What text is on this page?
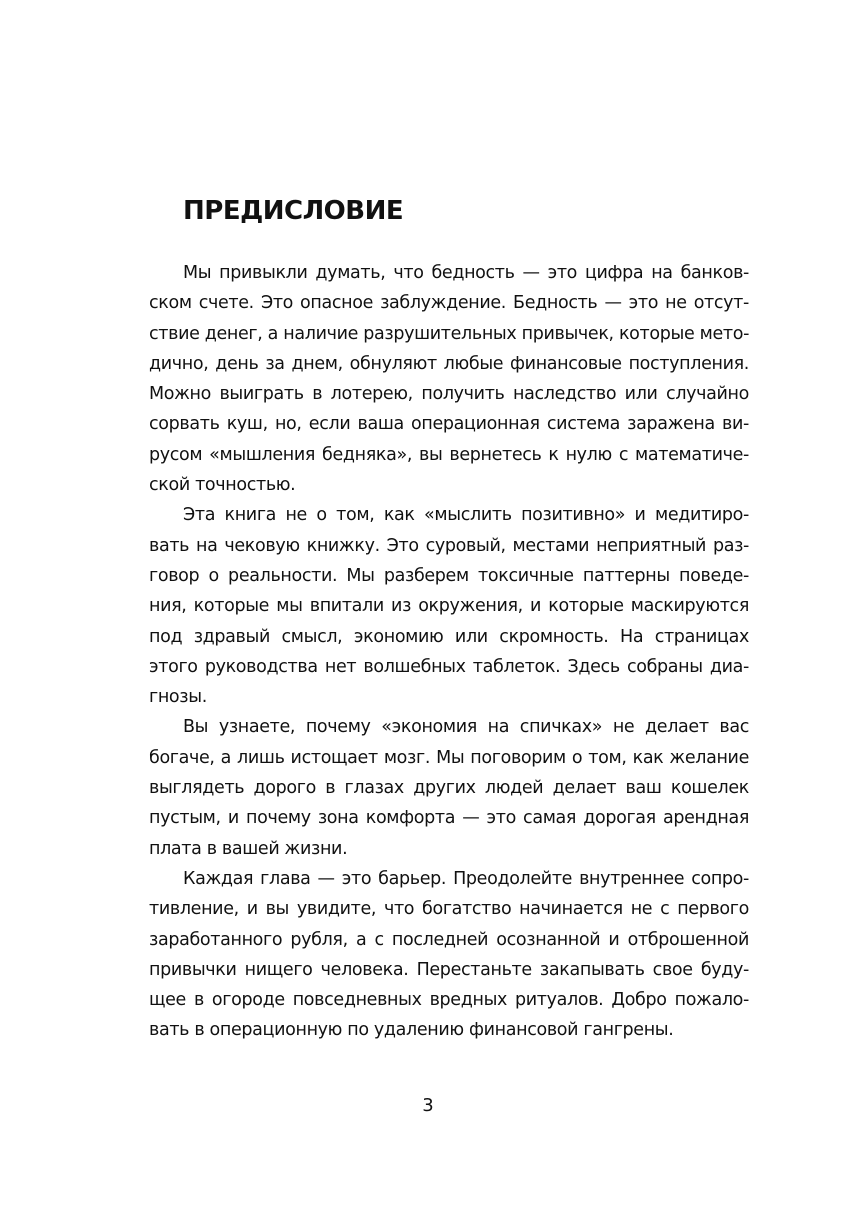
ПРЕДИСЛОВИЕ
Мы привыкли думать, что бедность — это цифра на банков-
ском счете. Это опасное заблуждение. Бедность — это не отсут-
ствие денег, а наличие разрушительных привычек, которые мето-
дично, день за днем, обнуляют любые финансовые поступления.
Можно выиграть в лотерею, получить наследство или случайно
сорвать куш, но, если ваша операционная система заражена ви-
русом «мышления бедняка», вы вернетесь к нулю с математиче-
ской точностью.
Эта книга не о том, как «мыслить позитивно» и медитиро-
вать на чековую книжку. Это суровый, местами неприятный раз-
говор о реальности. Мы разберем токсичные паттерны поведе-
ния, которые мы впитали из окружения, и которые маскируются
под здравый смысл, экономию или скромность. На страницах
этого руководства нет волшебных таблеток. Здесь собраны диа-
гнозы.
Вы узнаете, почему «экономия на спичках» не делает вас
богаче, а лишь истощает мозг. Мы поговорим о том, как желание
выглядеть дорого в глазах других людей делает ваш кошелек
пустым, и почему зона комфорта — это самая дорогая арендная
плата в вашей жизни.
Каждая глава — это барьер. Преодолейте внутреннее сопро-
тивление, и вы увидите, что богатство начинается не с первого
заработанного рубля, а с последней осознанной и отброшенной
привычки нищего человека. Перестаньте закапывать свое буду-
щее в огороде повседневных вредных ритуалов. Добро пожало-
вать в операционную по удалению финансовой гангрены.
3
